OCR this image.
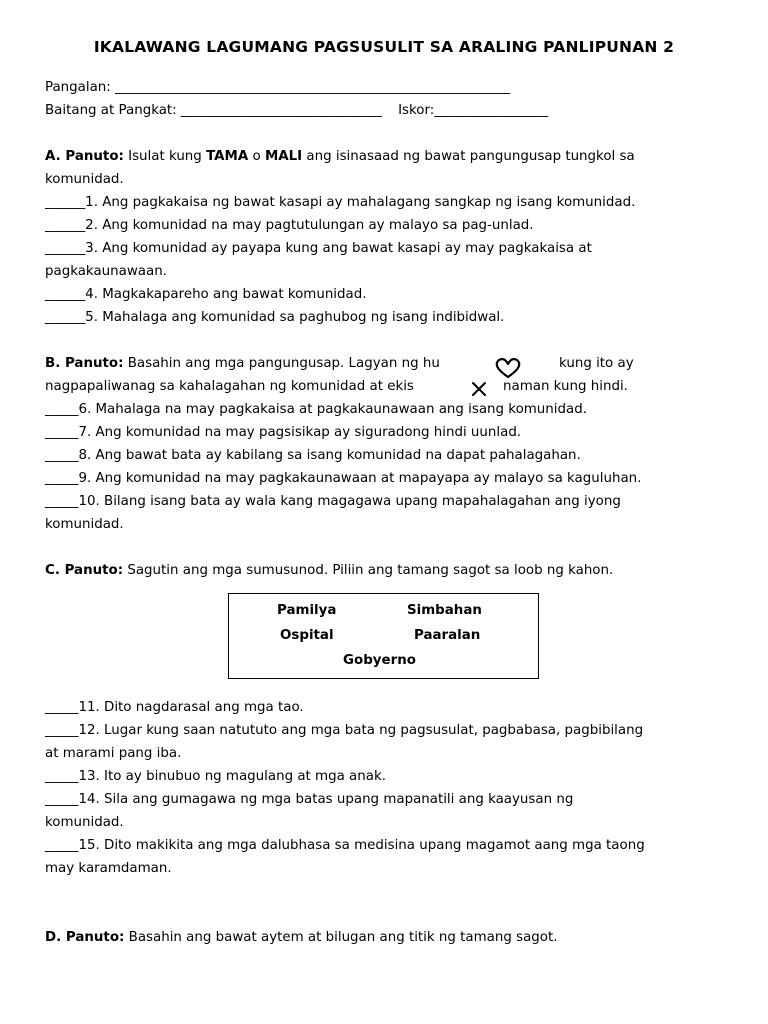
IKALAWANG LAGUMANG PAGSUSULIT SA ARALING PANLIPUNAN 2
Pangalan: ___________________________________________________________
Baitang at Pangkat: ______________________________ Iskor:_________________
A. Panuto: Isulat kung TAMA o MALI ang isinasaad ng bawat pangungusap tungkol sa
komunidad.
______1. Ang pagkakaisa ng bawat kasapi ay mahalagang sangkap ng isang komunidad.
______2. Ang komunidad na may pagtutulungan ay malayo sa pag-unlad.
______3. Ang komunidad ay payapa kung ang bawat kasapi ay may pagkakaisa at
pagkakaunawaan.
______4. Magkakapareho ang bawat komunidad.
______5. Mahalaga ang komunidad sa paghubog ng isang indibidwal.
B. Panuto: Basahin ang mga pangungusap. Lagyan ng hu	kung ito ay
nagpapaliwanag sa kahalagahan ng komunidad at ekis	naman kung hindi.
_____6. Mahalaga na may pagkakaisa at pagkakaunawaan ang isang komunidad.
_____7. Ang komunidad na may pagsisikap ay siguradong hindi uunlad.
_____8. Ang bawat bata ay kabilang sa isang komunidad na dapat pahalagahan.
_____9. Ang komunidad na may pagkakaunawaan at mapayapa ay malayo sa kaguluhan.
_____10. Bilang isang bata ay wala kang magagawa upang mapahalagahan ang iyong
komunidad.
C. Panuto: Sagutin ang mga sumusunod. Piliin ang tamang sagot sa loob ng kahon.
Pamilya	Simbahan
Ospital	Paaralan
Gobyerno
_____11. Dito nagdarasal ang mga tao.
_____12. Lugar kung saan natututo ang mga bata ng pagsusulat, pagbabasa, pagbibilang
at marami pang iba.
_____13. Ito ay binubuo ng magulang at mga anak.
_____14. Sila ang gumagawa ng mga batas upang mapanatili ang kaayusan ng
komunidad.
_____15. Dito makikita ang mga dalubhasa sa medisina upang magamot aang mga taong
may karamdaman.
D. Panuto: Basahin ang bawat aytem at bilugan ang titik ng tamang sagot.
